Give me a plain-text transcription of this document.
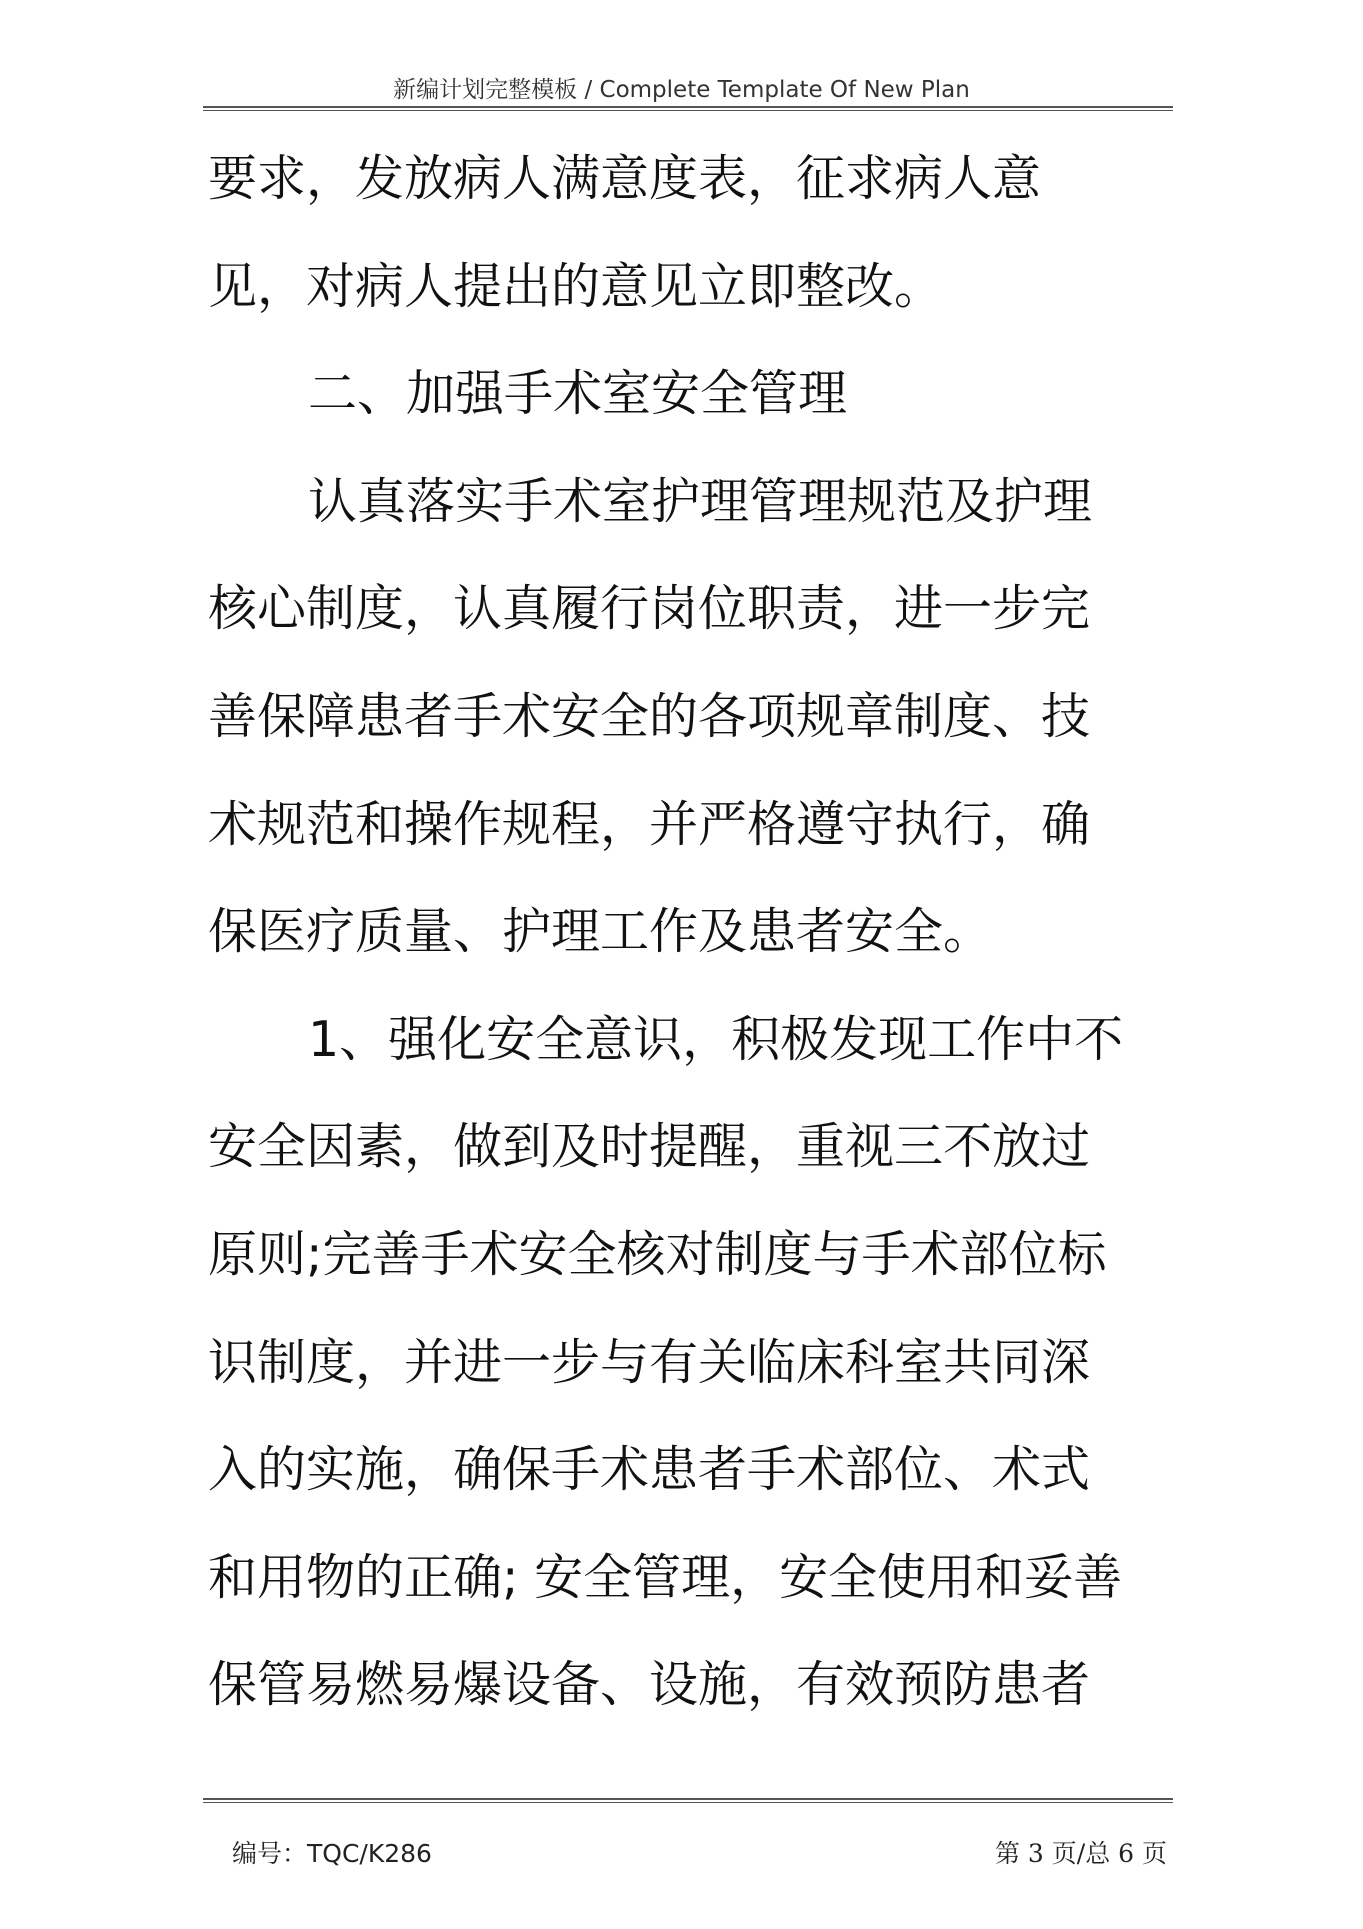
新编计划完整模板 / Complete Template Of New Plan
要求，发放病人满意度表，征求病人意
见，对病人提出的意见立即整改。
二、加强手术室安全管理
认真落实手术室护理管理规范及护理
核心制度，认真履行岗位职责，进一步完
善保障患者手术安全的各项规章制度、技
术规范和操作规程，并严格遵守执行，确
保医疗质量、护理工作及患者安全。
1、强化安全意识，积极发现工作中不
安全因素，做到及时提醒，重视三不放过
原则;完善手术安全核对制度与手术部位标
识制度，并进一步与有关临床科室共同深
入的实施，确保手术患者手术部位、术式
和用物的正确; 安全管理，安全使用和妥善
保管易燃易爆设备、设施，有效预防患者
编号：TQC/K286	第 3 页/总 6 页
